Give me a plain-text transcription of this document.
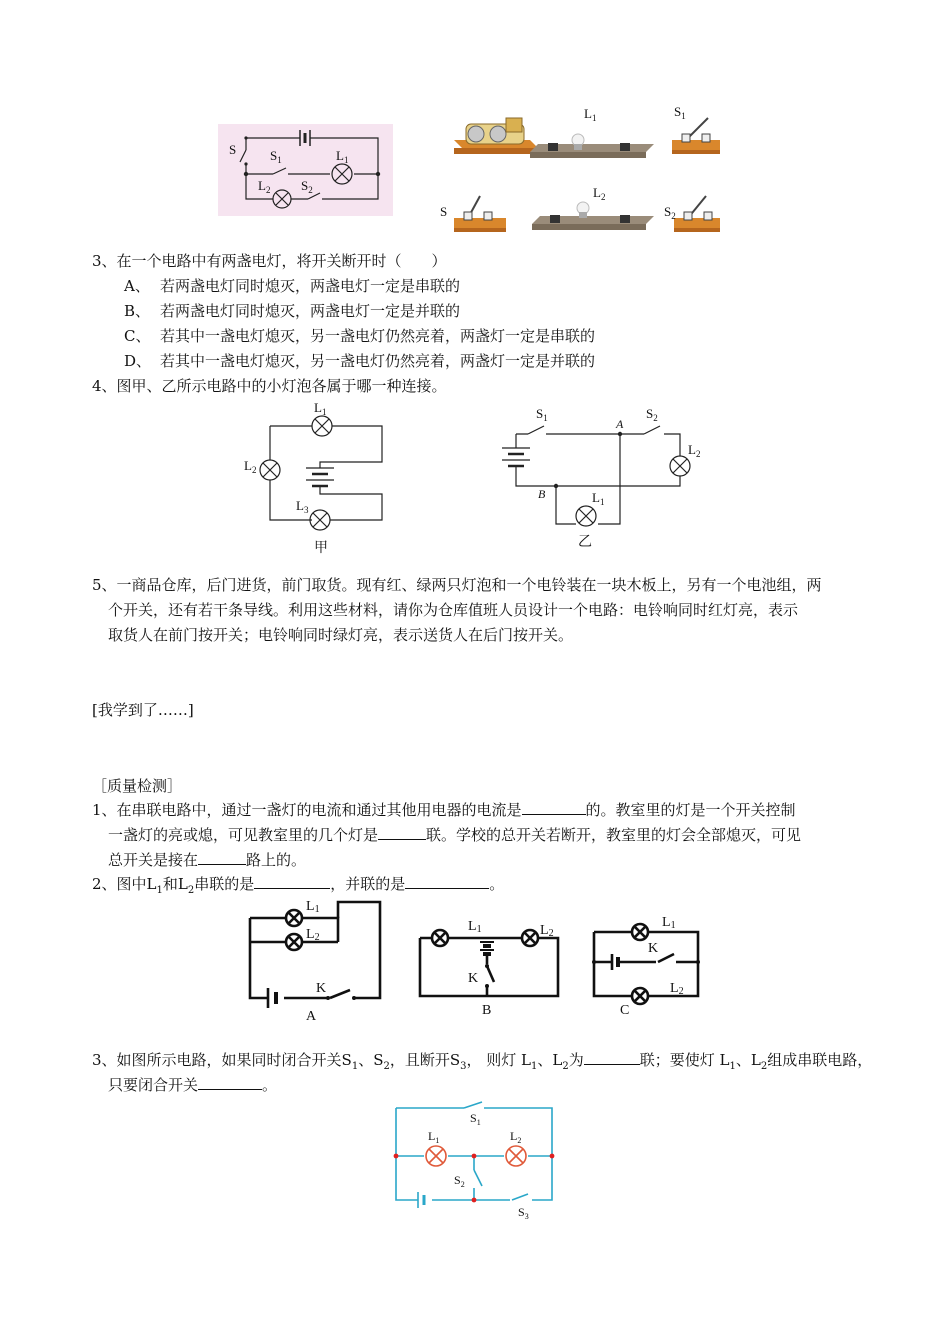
S	$S_1$	$L_1$
$L_2$ $S_2$
$L_1$	$S_1$
S
$L_2$
$S_2$
3、在一个电路中有两盏电灯，将开关断开时（　　）
A、 若两盏电灯同时熄灭，两盏电灯一定是串联的
B、 若两盏电灯同时熄灭，两盏电灯一定是并联的
C、 若其中一盏电灯熄灭，另一盏电灯仍然亮着，两盏灯一定是串联的
D、 若其中一盏电灯熄灭，另一盏电灯仍然亮着，两盏灯一定是并联的
4、图甲、乙所示电路中的小灯泡各属于哪一种连接。
$L_1$
$L_2$
$L_3$
甲
$S_1$	A
$S_2$
$L_2$
B	$L_1$
乙
5、一商品仓库，后门进货，前门取货。现有红、绿两只灯泡和一个电铃装在一块木板上，另有一个电池组，两
个开关，还有若干条导线。利用这些材料，请你为仓库值班人员设计一个电路：电铃响同时红灯亮，表示
取货人在前门按开关；电铃响同时绿灯亮，表示送货人在后门按开关。
[我学到了……]
［质量检测］
1、在串联电路中，通过一盏灯的电流和通过其他用电器的电流是	的。教室里的灯是一个开关控制
一盏灯的亮或熄，可见教室里的几个灯是	联。学校的总开关若断开，教室里的灯会全部熄灭，可见
总开关是接在	路上的。
2、图中$L_1$和$L_2$串联的是	，并联的是	。
L1
L2
K
A
L1	L2
K
B
L1
K
L2
C
3、如图所示电路，如果同时闭合开关$S_1$、$S_2$，且断开$S_3$， 则灯 $L_1$、$L_2$为	联；要使灯 $L_1$、$L_2$组成串联电路，
只要闭合开关	。
$S_1$
$L_1$	$L_2$
$S_2$
$S_3$
